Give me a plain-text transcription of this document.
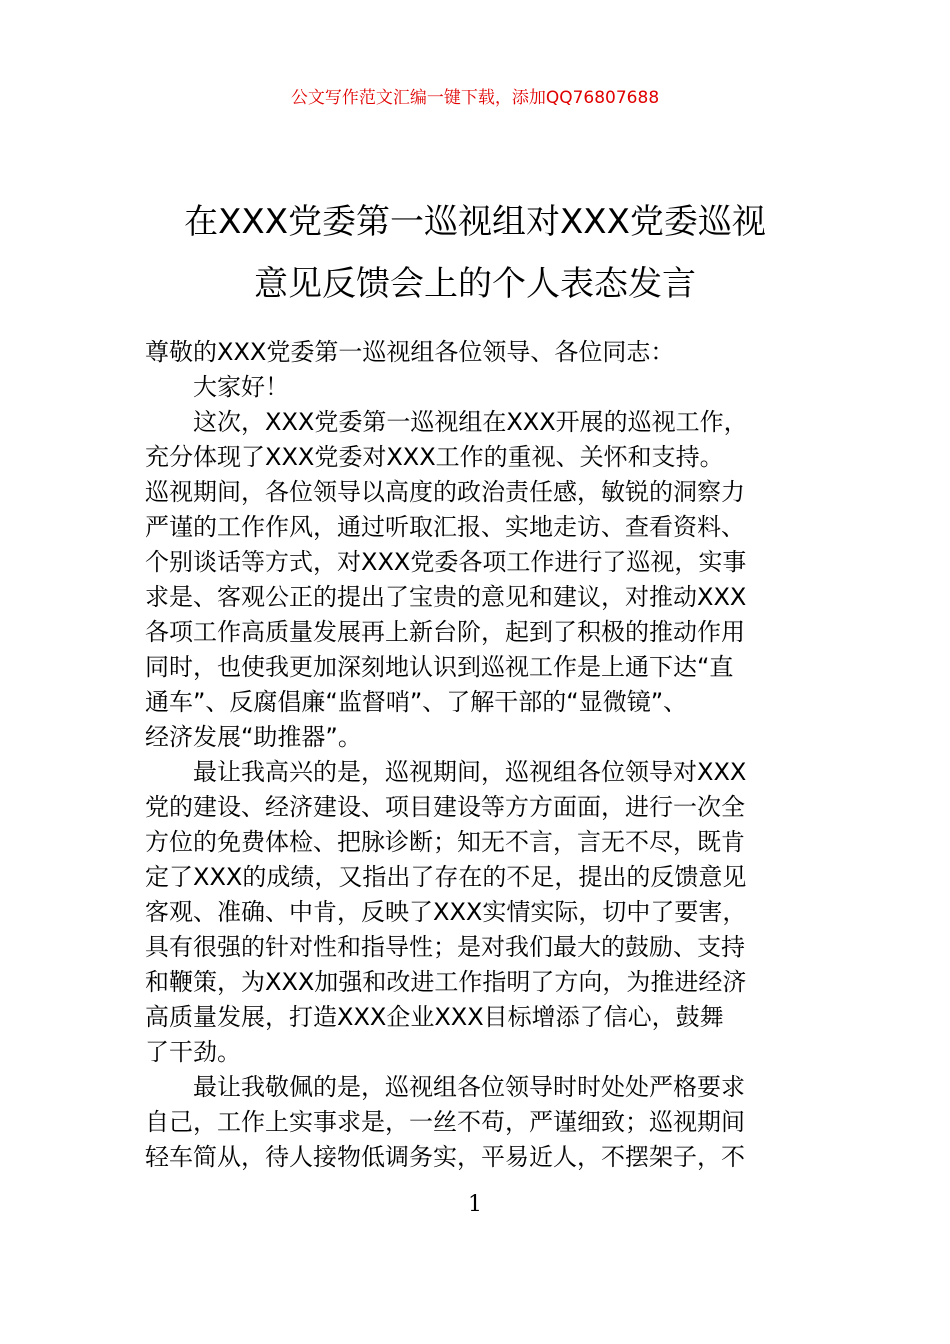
公文写作范文汇编一键下载，添加QQ76807688
在XXX党委第一巡视组对XXX党委巡视
意见反馈会上的个人表态发言
尊敬的XXX党委第一巡视组各位领导、各位同志：
大家好！
这次，XXX党委第一巡视组在XXX开展的巡视工作，
充分体现了XXX党委对XXX工作的重视、关怀和支持。
巡视期间，各位领导以高度的政治责任感，敏锐的洞察力
严谨的工作作风，通过听取汇报、实地走访、查看资料、
个别谈话等方式，对XXX党委各项工作进行了巡视，实事
求是、客观公正的提出了宝贵的意见和建议，对推动XXX
各项工作高质量发展再上新台阶，起到了积极的推动作用
同时，也使我更加深刻地认识到巡视工作是上通下达“直
通车”、反腐倡廉“监督哨”、了解干部的“显微镜”、
经济发展“助推器”。
最让我高兴的是，巡视期间，巡视组各位领导对XXX
党的建设、经济建设、项目建设等方方面面，进行一次全
方位的免费体检、把脉诊断；知无不言，言无不尽，既肯
定了XXX的成绩，又指出了存在的不足，提出的反馈意见
客观、准确、中肯，反映了XXX实情实际，切中了要害，
具有很强的针对性和指导性；是对我们最大的鼓励、支持
和鞭策，为XXX加强和改进工作指明了方向，为推进经济
高质量发展，打造XXX企业XXX目标增添了信心，鼓舞
了干劲。
最让我敬佩的是，巡视组各位领导时时处处严格要求
自己，工作上实事求是，一丝不苟，严谨细致；巡视期间
轻车简从，待人接物低调务实，平易近人，不摆架子，不
1
